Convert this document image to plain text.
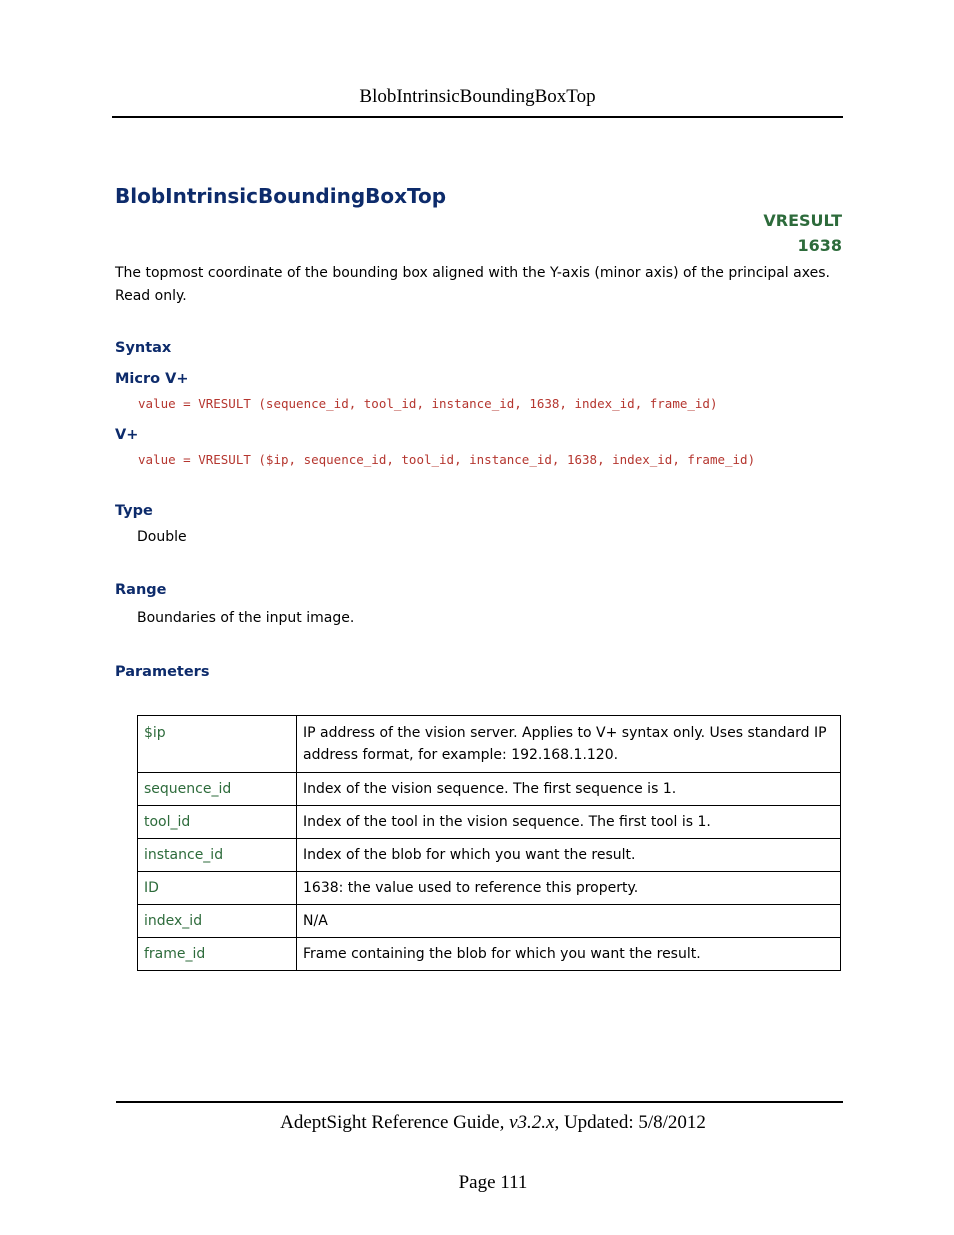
BlobIntrinsicBoundingBoxTop
BlobIntrinsicBoundingBoxTop
VRESULT
1638
The topmost coordinate of the bounding box aligned with the Y-axis (minor axis) of the principal axes. Read only.
Syntax
Micro V+
value = VRESULT (sequence_id, tool_id, instance_id, 1638, index_id, frame_id)
V+
value = VRESULT ($ip, sequence_id, tool_id, instance_id, 1638, index_id, frame_id)
Type
Double
Range
Boundaries of the input image.
Parameters
$ip	IP address of the vision server. Applies to V+ syntax only. Uses standard IP address format, for example: 192.168.1.120.
sequence_id	Index of the vision sequence. The first sequence is 1.
tool_id	Index of the tool in the vision sequence. The first tool is 1.
instance_id	Index of the blob for which you want the result.
ID	1638: the value used to reference this property.
index_id	N/A
frame_id	Frame containing the blob for which you want the result.
AdeptSight Reference Guide, v3.2.x, Updated: 5/8/2012
Page 111
